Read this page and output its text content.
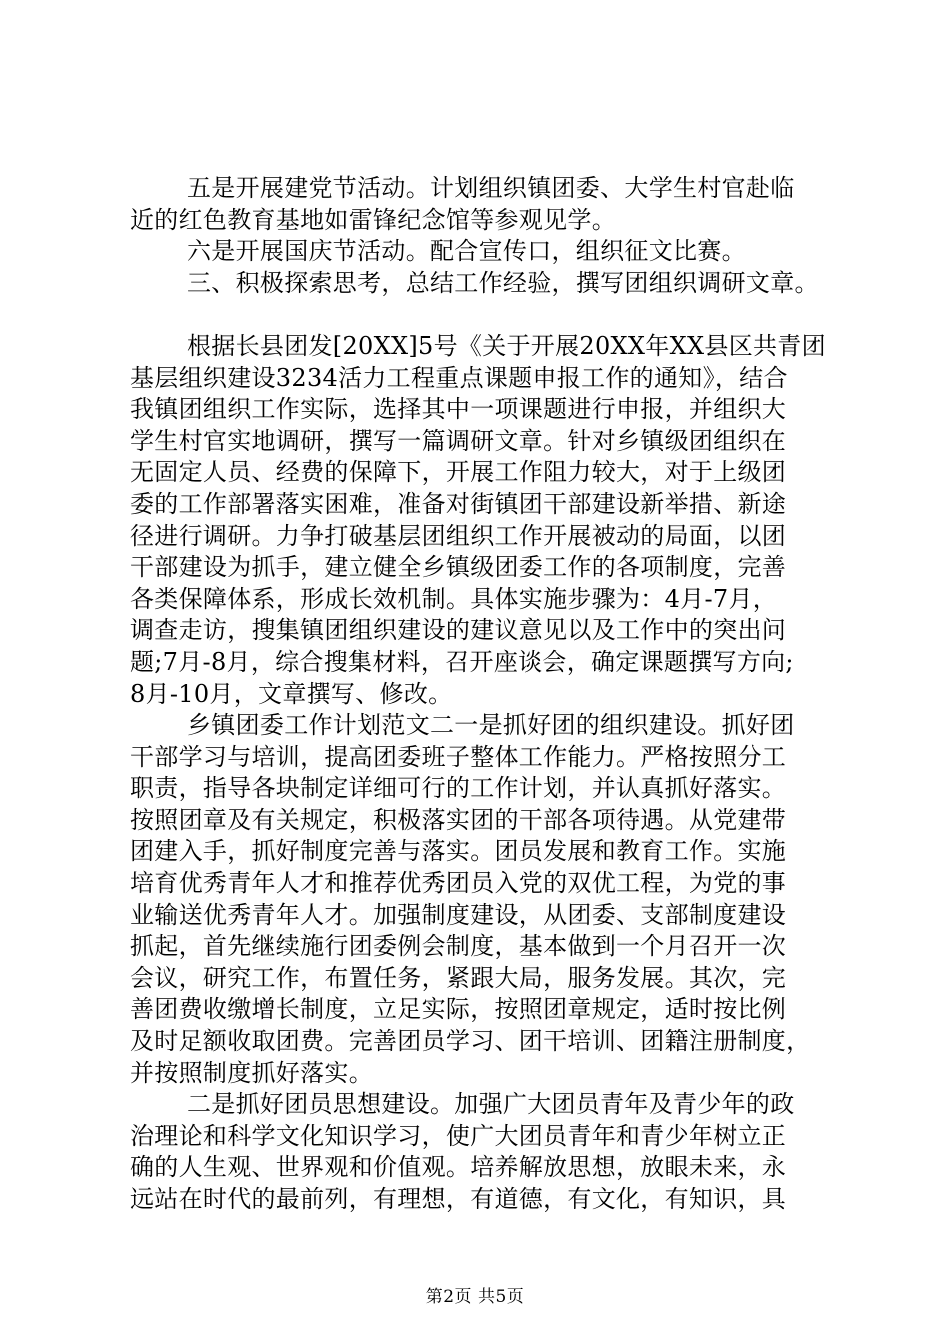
五是开展建党节活动。计划组织镇团委、大学生村官赴临
近的红色教育基地如雷锋纪念馆等参观见学。
六是开展国庆节活动。配合宣传口，组织征文比赛。
三、积极探索思考，总结工作经验，撰写团组织调研文章。
根据长县团发[20XX]5号《关于开展20XX年XX县区共青团
基层组织建设3234活力工程重点课题申报工作的通知》，结合
我镇团组织工作实际，选择其中一项课题进行申报，并组织大
学生村官实地调研，撰写一篇调研文章。针对乡镇级团组织在
无固定人员、经费的保障下，开展工作阻力较大，对于上级团
委的工作部署落实困难，准备对街镇团干部建设新举措、新途
径进行调研。力争打破基层团组织工作开展被动的局面，以团
干部建设为抓手，建立健全乡镇级团委工作的各项制度，完善
各类保障体系，形成长效机制。具体实施步骤为：4月-7月，
调查走访，搜集镇团组织建设的建议意见以及工作中的突出问
题;7月-8月，综合搜集材料，召开座谈会，确定课题撰写方向;
8月-10月，文章撰写、修改。
乡镇团委工作计划范文二一是抓好团的组织建设。抓好团
干部学习与培训，提高团委班子整体工作能力。严格按照分工
职责，指导各块制定详细可行的工作计划，并认真抓好落实。
按照团章及有关规定，积极落实团的干部各项待遇。从党建带
团建入手，抓好制度完善与落实。团员发展和教育工作。实施
培育优秀青年人才和推荐优秀团员入党的双优工程，为党的事
业输送优秀青年人才。加强制度建设，从团委、支部制度建设
抓起，首先继续施行团委例会制度，基本做到一个月召开一次
会议，研究工作，布置任务，紧跟大局，服务发展。其次，完
善团费收缴增长制度，立足实际，按照团章规定，适时按比例
及时足额收取团费。完善团员学习、团干培训、团籍注册制度，
并按照制度抓好落实。
二是抓好团员思想建设。加强广大团员青年及青少年的政
治理论和科学文化知识学习，使广大团员青年和青少年树立正
确的人生观、世界观和价值观。培养解放思想，放眼未来，永
远站在时代的最前列，有理想，有道德，有文化，有知识，具
第2页 共5页
